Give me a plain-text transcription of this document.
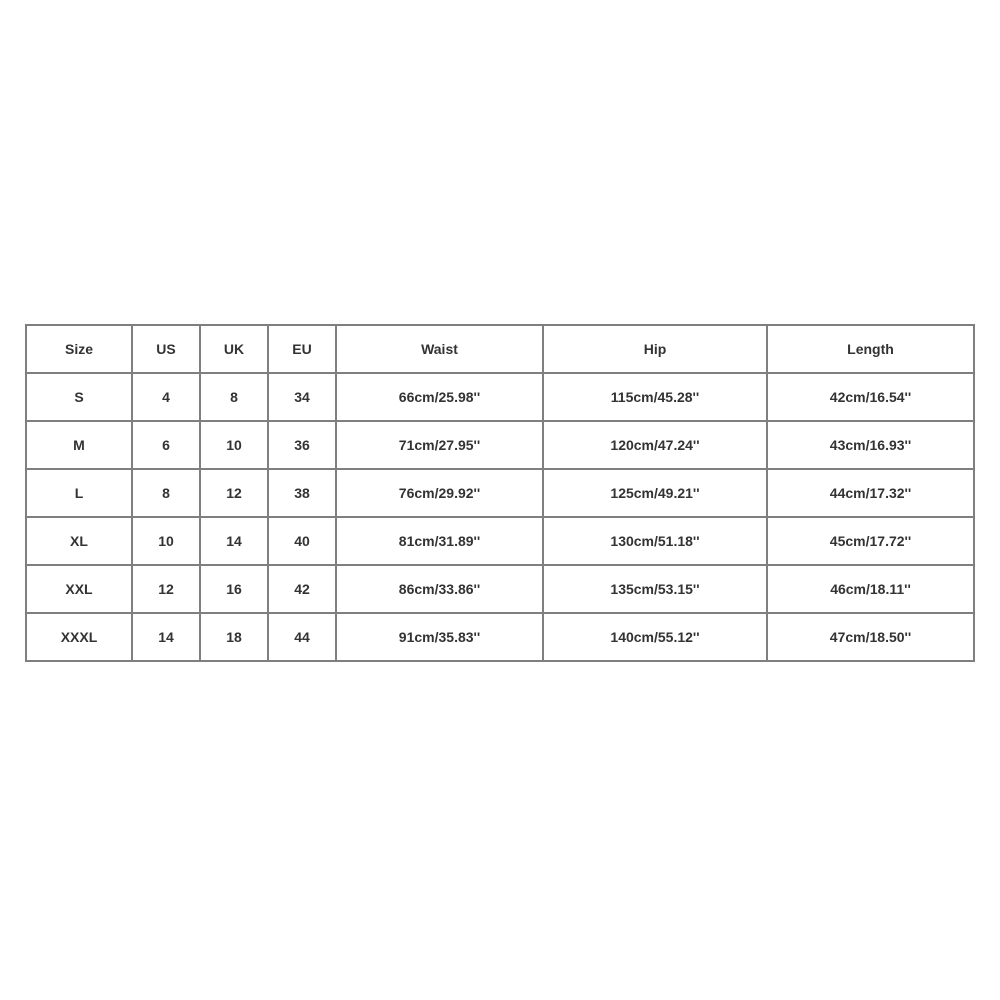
Size	US	UK	EU	Waist	Hip	Length
S	4	8	34	66cm/25.98''	115cm/45.28''	42cm/16.54''
M	6	10	36	71cm/27.95''	120cm/47.24''	43cm/16.93''
L	8	12	38	76cm/29.92''	125cm/49.21''	44cm/17.32''
XL	10	14	40	81cm/31.89''	130cm/51.18''	45cm/17.72''
XXL	12	16	42	86cm/33.86''	135cm/53.15''	46cm/18.11''
XXXL	14	18	44	91cm/35.83''	140cm/55.12''	47cm/18.50''
